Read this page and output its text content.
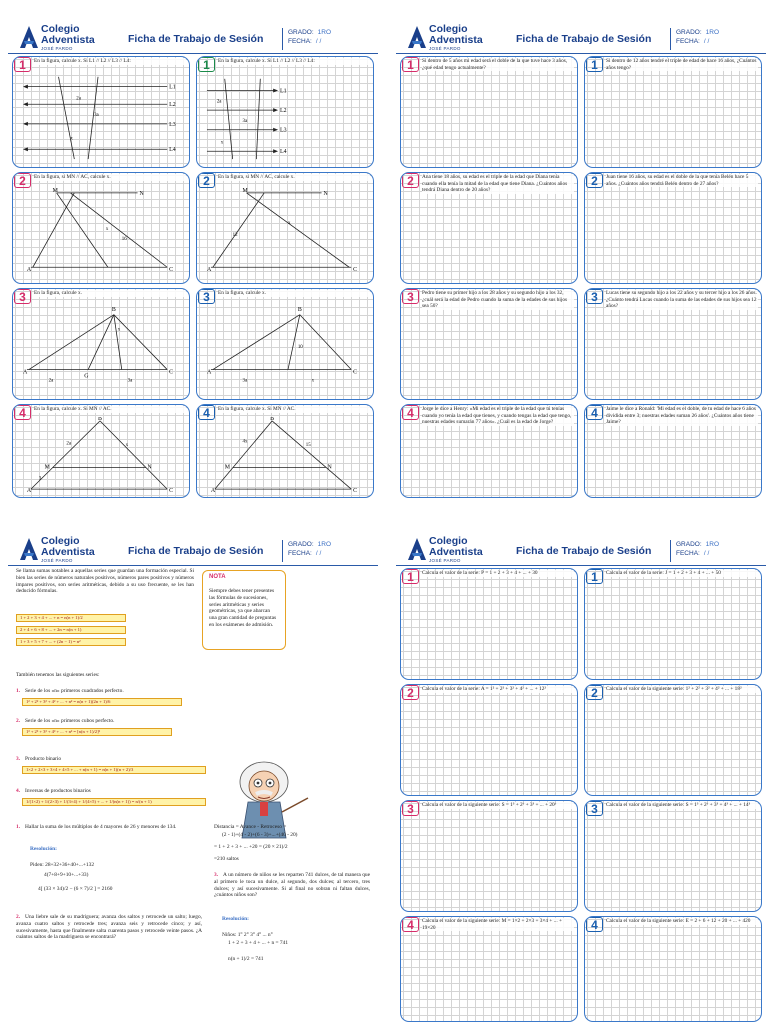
Colegio
Adventista
JOSÉ PARDO
Ficha de Trabajo de Sesión
GRADO: 1RO
FECHA: / /
1	En la figura, calcule x. Si L1 // L2 // L3 // L4:
L1
L2
L3
L4
2a
3a
x
1	En la figura, calcule x. Si L1 // L2 // L3 // L4:
L1
L2
L3
L4
2a
3a
x
2	En la figura, si MN // AC, calcule x.
A	C
M	N
x
16
2	En la figura, si MN // AC, calcule x.
A	C
M	N
x
12
3	En la figura, calcule x.
A
B
C
G
2a	3a
x
3	En la figura, calcule x.
A
B
C
10
3a	x
4	En la figura, calcule x. Si MN // AC.
A
B
C
M	N
2a	x
3
4	En la figura, calcule x. Si MN // AC.
A
B
C
M	N
4x
15
Colegio
Adventista
JOSÉ PARDO
Ficha de Trabajo de Sesión
GRADO: 1RO
FECHA: / /
1	Si dentro de 5 años mi edad será el doble de la que tuve hace 3 años, ¿qué edad tengo actualmente?	1	Si dentro de 12 años tendré el triple de edad de hace 16 años, ¿Cuántos años tengo?
2	Ana tiene 18 años, su edad es el triple de la edad que Diana tenía cuando ella tenía la mitad de la edad que tiene Diana. ¿Cuántos años tendrá Diana dentro de 20 años?
2	Juan tiene 16 años, su edad es el doble de la que tenía Belén hace 5 años. ¿Cuántos años tendrá Belén dentro de 27 años?
3	Pedro tiene su primer hijo a los 28 años y su segundo hijo a los 32, ¿cuál será la edad de Pedro cuando la suma de la edades de sus hijos sea 50?
3	Lucas tiene su segundo hijo a los 22 años y su tercer hijo a los 26 años. ¿Cuánto tendrá Lucas cuando la suma de las edades de sus hijos sea 12 años?
4	Jorge le dice a Henry: «Mi edad es el triple de la edad que tú tenías cuando yo tenía la edad que tienes, y cuando tengas la edad que tengo, nuestras edades sumarán 77 años». ¿Cuál es la edad de Jorge?
4	Jaime le dice a Ronald: 'Mi edad es el doble, de tu edad de hace 6 años dividida entre 3; nuestras edades suman 26 años'. ¿Cuántos años tiene Jaime?
Colegio
Adventista
JOSÉ PARDO
Ficha de Trabajo de Sesión
GRADO: 1RO
FECHA: / /
Se llama sumas notables a aquellas series que guardan una formación especial. Si bien las series de números naturales positivos, números pares positivos y números impares positivos, son series aritméticas, debido a su uso frecuente, se les han deducido fórmulas.
1 + 2 + 3 + 4 + ... + n = n(n + 1)/2
2 + 4 + 6 + 8 + ... + 2n = n(n + 1)
1 + 3 + 5 + 7 + ... + (2n − 1) = n²
NOTA
Siempre debes tener presentes las fórmulas de sucesiones, series aritméticas y series geométricas, ya que abarcan una gran cantidad de preguntas en los exámenes de admisión.
También tenemos las siguientes series:
1. Serie de los «n» primeros cuadrados perfecto.
1² + 2² + 3² + 4² + ... + n² = n(n + 1)(2n + 1)/6
2. Serie de los «n» primeros cubos perfecto.
1³ + 2³ + 3³ + 4³ + ... + n³ = [n(n + 1)/2]²
3. Producto binario
1×2 + 2×3 + 3×4 + 4×5 + ... + n(n + 1) = n(n + 1)(n + 2)/3
4. Inversas de productos binarios
1/(1×2) + 1/(2×3) + 1/(3×4) + 1/(4×5) + ... + 1/(n(n + 1)) = n/(n + 1)
1. Hallar la suma de los múltiplos de 4 mayores de 26 y menores de 134.
Resolución:
Piden: 28+32+36+40+...+132
4(7+8+9+10+...+33)
4[ (33 × 34)/2 − (6 × 7)/2 ] = 2160
2. Una liebre sale de su madriguera; avanza dos saltos y retrocede un salto; luego, avanza cuatro saltos y retrocede tres; avanza seis y retrocede cinco; y así, sucesivamente, hasta que finalmente salta cuarenta pasos y retrocede veinte pasos. ¿A cuántos saltos de la madriguera se encontrará?
Distancia = Avance - Retroceso =
(2 - 1)+(4 - 2)+(6 - 3)+...+(40 - 20)
= 1 + 2 + 3 + ... +20 = (20 × 21)/2
=210 saltos
3. A un número de niños se les reparten 741 dulces, de tal manera que al primero le toca un dulce, al segundo, dos dulces; al tercero, tres dulces; y así sucesivamente. Si al final no sobran ni faltan dulces, ¿cuántos niños son?
Resolución:
Niños: 1° 2° 3° 4° ... n°
1 + 2 + 3 + 4 + ... + n = 741
n(n + 1)/2 = 741
Colegio
Adventista
JOSÉ PARDO
Ficha de Trabajo de Sesión
GRADO: 1RO
FECHA: / /
1	Calcula el valor de la serie: P = 1 + 2 + 3 + 4 + ... + 30	1	Calcula el valor de la serie: J = 1 + 2 + 3 + 4 + ... + 50
2	Calcula el valor de la serie: A = 1² + 2² + 3² + 4² + ... + 12²	2	Calcula el valor de la siguiente serie: 1² + 2² + 3² + 4² + ... + 18²
3	Calcula el valor de la siguiente serie: S = 1³ + 2³ + 3³ + ... + 20³	3	Calcula el valor de la siguiente serie: S = 1³ + 2³ + 3³ + 4³ + ... + 14³
4	Calcula el valor de la siguiente serie: M = 1×2 + 2×3 + 3×4 + ... + 19×20	4	Calcula el valor de la siguiente serie: E = 2 + 6 + 12 + 20 + ... + 420
